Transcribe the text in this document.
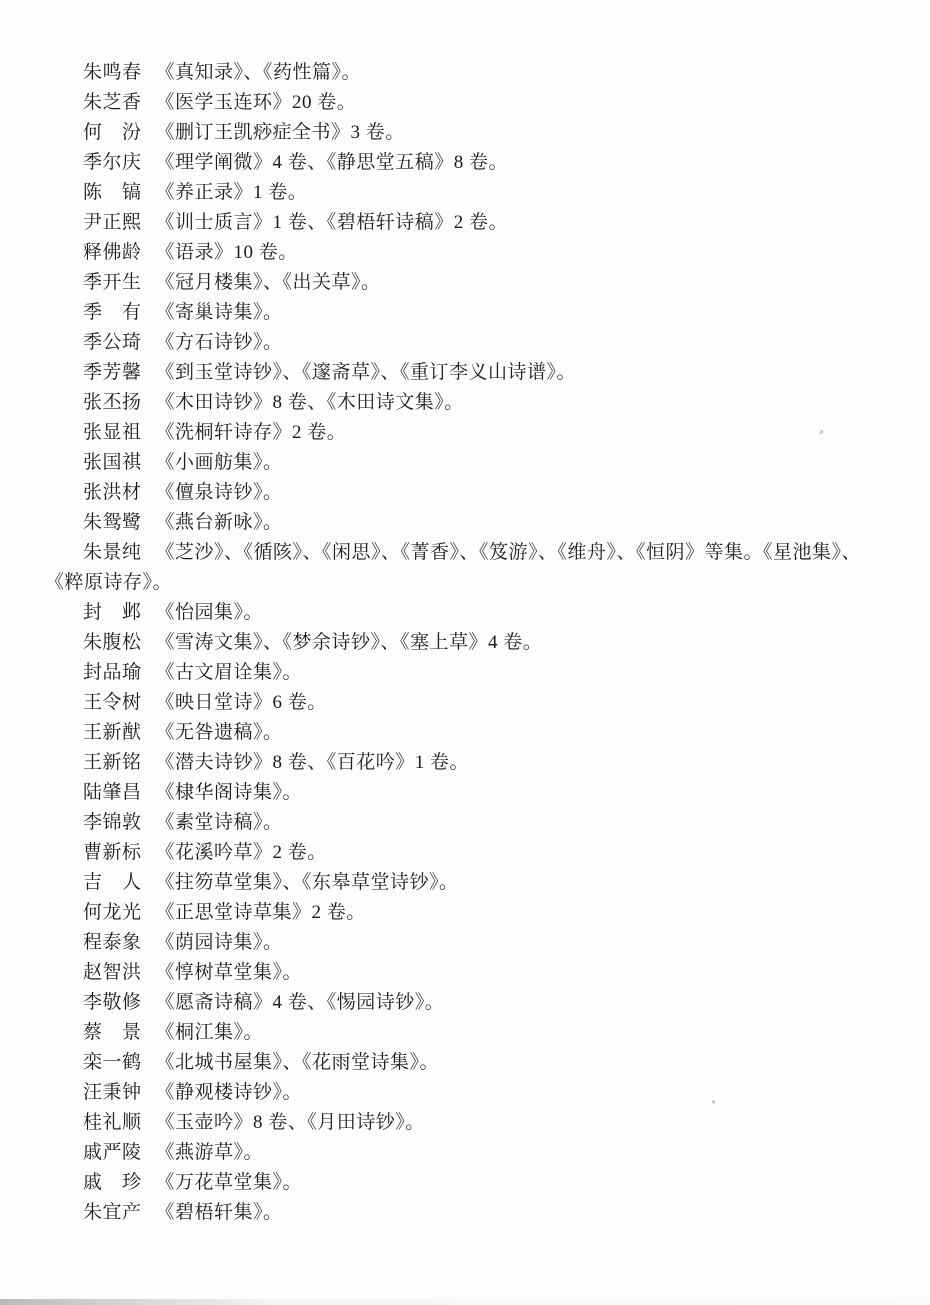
朱鸣春 《真知录》、《药性篇》。

朱芝香 《医学玉连环》20 卷。

何　汾 《删订王凯痧症全书》3 卷。

季尔庆 《理学阐微》4 卷、《静思堂五稿》8 卷。

陈　镐 《养正录》1 卷。

尹正熙 《训士质言》1 卷、《碧梧轩诗稿》2 卷。

释佛龄 《语录》10 卷。

季开生 《冠月楼集》、《出关草》。

季　有 《寄巢诗集》。

季公琦 《方石诗钞》。

季芳馨 《到玉堂诗钞》、《邃斋草》、《重订李义山诗谱》。

张丕扬 《木田诗钞》8 卷、《木田诗文集》。

张显祖 《洗桐轩诗存》2 卷。

张国祺 《小画舫集》。

张洪材 《儃泉诗钞》。

朱鸳鹭 《燕台新咏》。

朱景纯 《芝沙》、《循陔》、《闲思》、《菁香》、《笈游》、《维舟》、《恒阴》等集。《星池集》、《粹原诗存》。

封　邺 《怡园集》。

朱腹松 《雪涛文集》、《梦余诗钞》、《塞上草》4 卷。

封品瑜 《古文眉诠集》。

王令树 《映日堂诗》6 卷。

王新猷 《无咎遗稿》。

王新铭 《潜夫诗钞》8 卷、《百花吟》1 卷。

陆肇昌 《棣华阁诗集》。

李锦敦 《素堂诗稿》。

曹新标 《花溪吟草》2 卷。

吉　人 《拄笏草堂集》、《东皋草堂诗钞》。

何龙光 《正思堂诗草集》2 卷。

程泰象 《荫园诗集》。

赵智洪 《惇树草堂集》。

李敬修 《愿斋诗稿》4 卷、《惕园诗钞》。

蔡　景 《桐江集》。

栾一鹤 《北城书屋集》、《花雨堂诗集》。

汪秉钟 《静观楼诗钞》。

桂礼顺 《玉壶吟》8 卷、《月田诗钞》。

戚严陵 《燕游草》。

戚　珍 《万花草堂集》。

朱宜产 《碧梧轩集》。
